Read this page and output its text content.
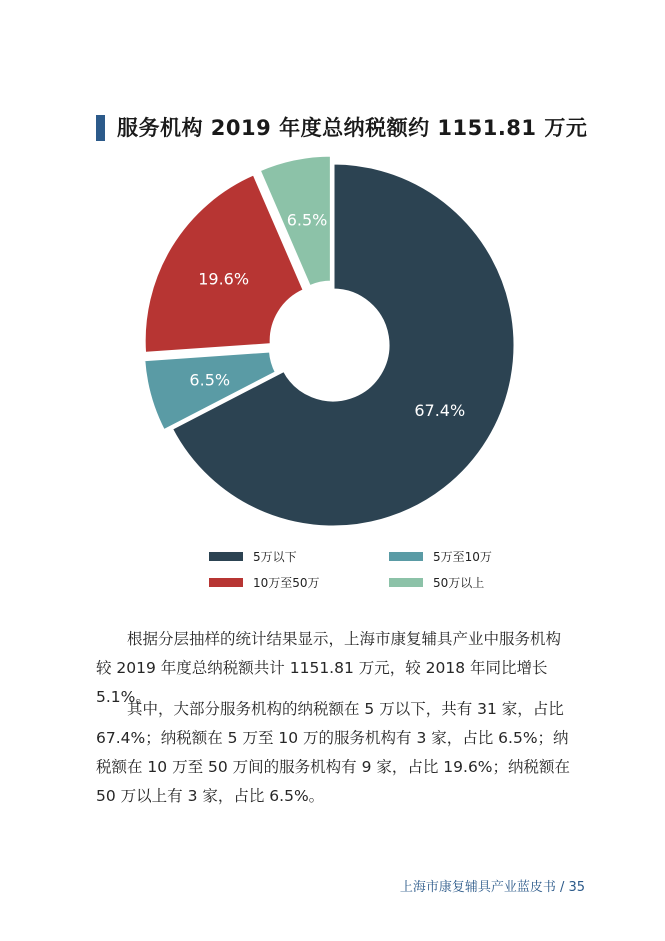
服务机构 2019 年度总纳税额约 1151.81 万元
67.4%
6.5%
19.6%
6.5%
5万以下	5万至10万
10万至50万	50万以上
根据分层抽样的统计结果显示，上海市康复辅具产业中服务机构较 2019 年度总纳税额共计 1151.81 万元，较 2018 年同比增长 5.1%。
其中，大部分服务机构的纳税额在 5 万以下，共有 31 家，占比 67.4%；纳税额在 5 万至 10 万的服务机构有 3 家，占比 6.5%；纳税额在 10 万至 50 万间的服务机构有 9 家，占比 19.6%；纳税额在 50 万以上有 3 家，占比 6.5%。
上海市康复辅具产业蓝皮书 / 35
